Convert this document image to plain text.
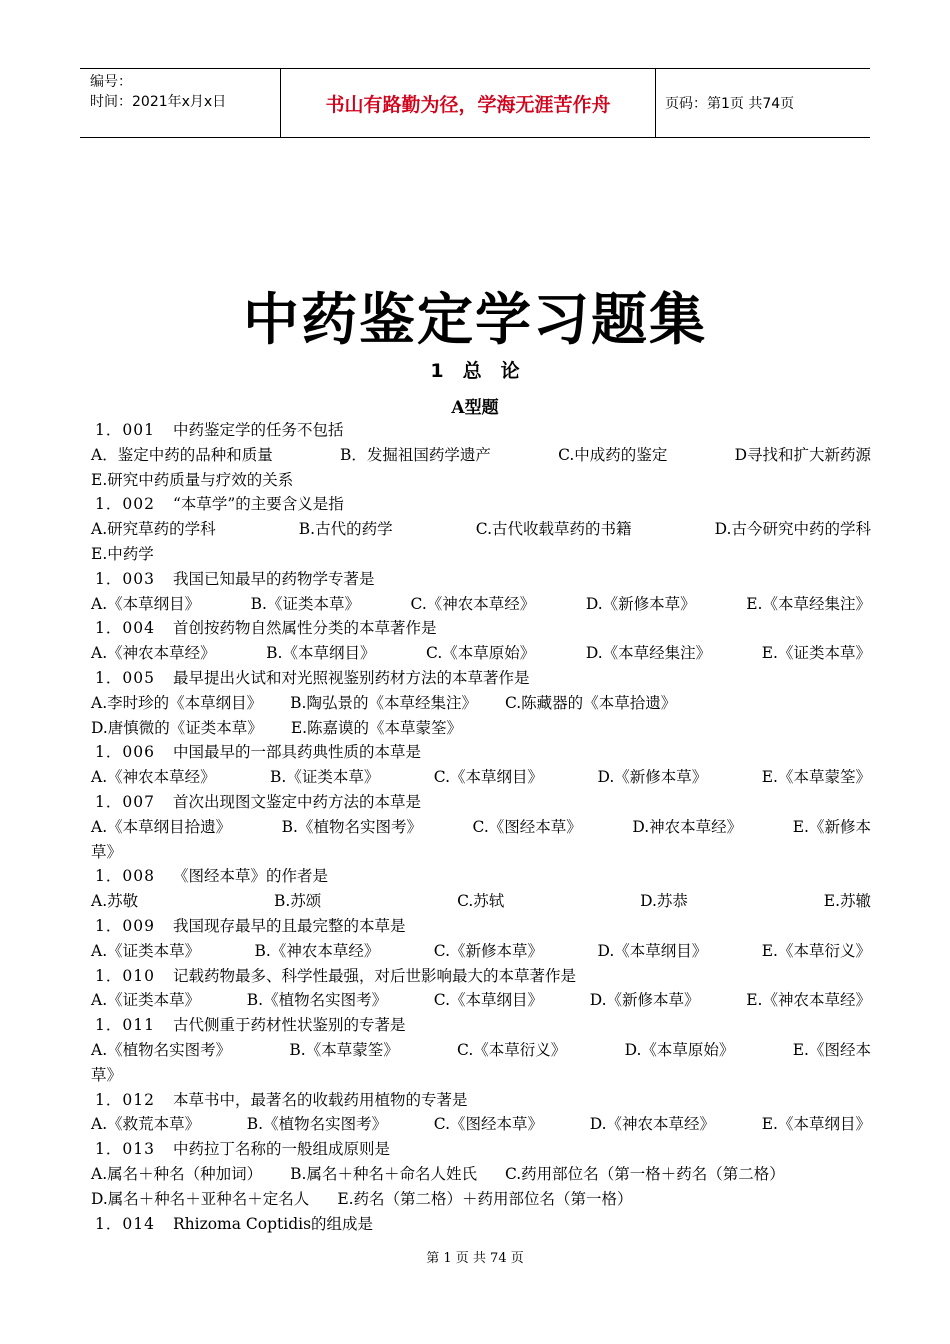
编号：
时间：2021年x月x日	书山有路勤为径，学海无涯苦作舟	页码：第1页 共74页
中药鉴定学习题集
1　总　论
A型题
1．001 中药鉴定学的任务不包括
A．鉴定中药的品种和质量	B．发掘祖国药学遗产	C.中成药的鉴定	D寻找和扩大新药源
E.研究中药质量与疗效的关系
1．002 “本草学”的主要含义是指
A.研究草药的学科	B.古代的药学	C.古代收载草药的书籍	D.古今研究中药的学科
E.中药学
1．003 我国已知最早的药物学专著是
A.《本草纲目》	B.《证类本草》	C.《神农本草经》	D.《新修本草》	E.《本草经集注》
1．004 首创按药物自然属性分类的本草著作是
A.《神农本草经》	B.《本草纲目》	C.《本草原始》	D.《本草经集注》	E.《证类本草》
1．005 最早提出火试和对光照视鉴别药材方法的本草著作是
A.李时珍的《本草纲目》 B.陶弘景的《本草经集注》 C.陈藏器的《本草拾遗》
D.唐慎微的《证类本草》 E.陈嘉谟的《本草蒙筌》
1．006 中国最早的一部具药典性质的本草是
A.《神农本草经》	B.《证类本草》	C.《本草纲目》	D.《新修本草》	E.《本草蒙筌》
1．007 首次出现图文鉴定中药方法的本草是
A.《本草纲目拾遗》	B.《植物名实图考》	C.《图经本草》	D.神农本草经》	E.《新修本
草》
1．008 《图经本草》的作者是
A.苏敬	B.苏颂	C.苏轼	D.苏恭	E.苏辙
1．009 我国现存最早的且最完整的本草是
A.《证类本草》	B.《神农本草经》	C.《新修本草》	D.《本草纲目》	E.《本草衍义》
1．010 记载药物最多、科学性最强，对后世影响最大的本草著作是
A.《证类本草》	B.《植物名实图考》	C.《本草纲目》	D.《新修本草》	E.《神农本草经》
1．011 古代侧重于药材性状鉴别的专著是
A.《植物名实图考》	B.《本草蒙筌》	C.《本草衍义》	D.《本草原始》	E.《图经本
草》
1．012 本草书中，最著名的收载药用植物的专著是
A.《救荒本草》	B.《植物名实图考》	C.《图经本草》	D.《神农本草经》	E.《本草纲目》
1．013 中药拉丁名称的一般组成原则是
A.属名＋种名（种加词） B.属名＋种名＋命名人姓氏 C.药用部位名（第一格＋药名（第二格）
D.属名＋种名＋亚种名＋定名人 E.药名（第二格）＋药用部位名（第一格）
1．014 Rhizoma Coptidis的组成是
第 1 页 共 74 页
